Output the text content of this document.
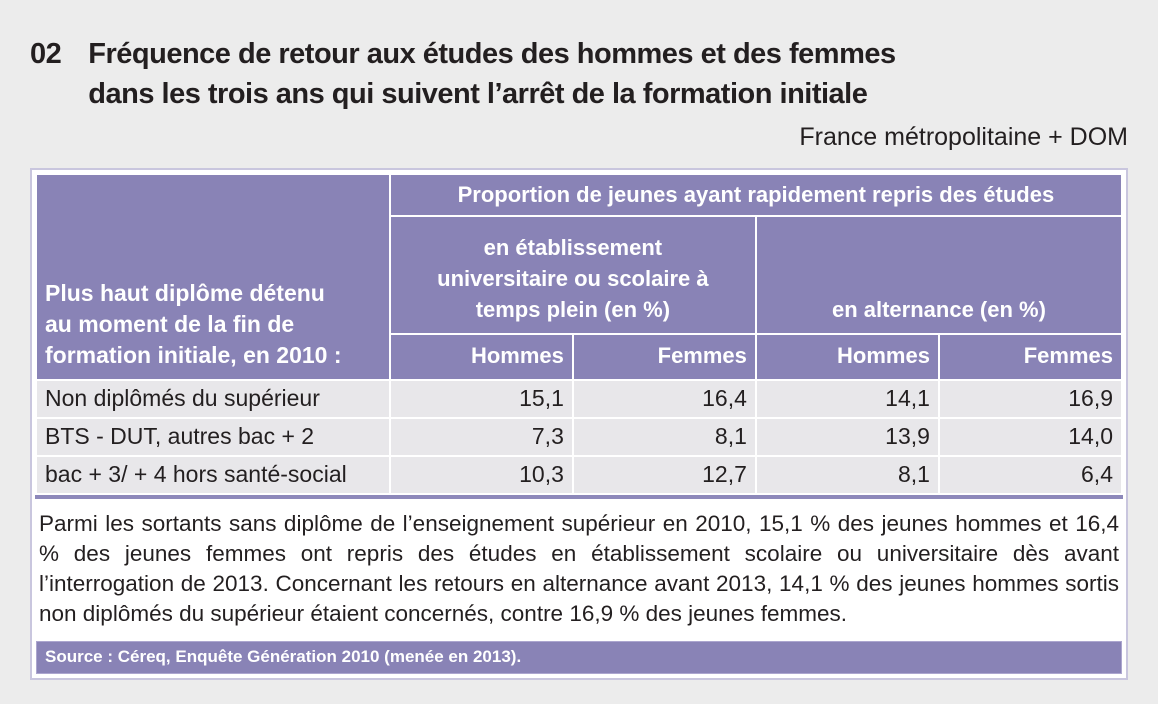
02 Fréquence de retour aux études des hommes et des femmes
dans les trois ans qui suivent l’arrêt de la formation initiale
France métropolitaine + DOM
Plus haut diplôme détenu
au moment de la fin de
formation initiale, en 2010 :	Proportion de jeunes ayant rapidement repris des études			

	en établissement
universitaire ou scolaire à
temps plein (en %)		en alternance (en %)	
	Hommes	Femmes	Hommes	Femmes
Non diplômés du supérieur	15,1	16,4	14,1	16,9
BTS - DUT, autres bac + 2	7,3	8,1	13,9	14,0
bac + 3/ + 4 hors santé-social	10,3	12,7	8,1	6,4

Parmi les sortants sans diplôme de l’enseignement supérieur en 2010, 15,1 % des jeunes hommes et 16,4 % des jeunes femmes ont repris des études en établissement scolaire ou universitaire dès avant l’interrogation de 2013. Concernant les retours en alternance avant 2013, 14,1 % des jeunes hommes sortis non diplômés du supérieur étaient concernés, contre 16,9 % des jeunes femmes.

Source : Céreq, Enquête Génération 2010 (menée en 2013).
